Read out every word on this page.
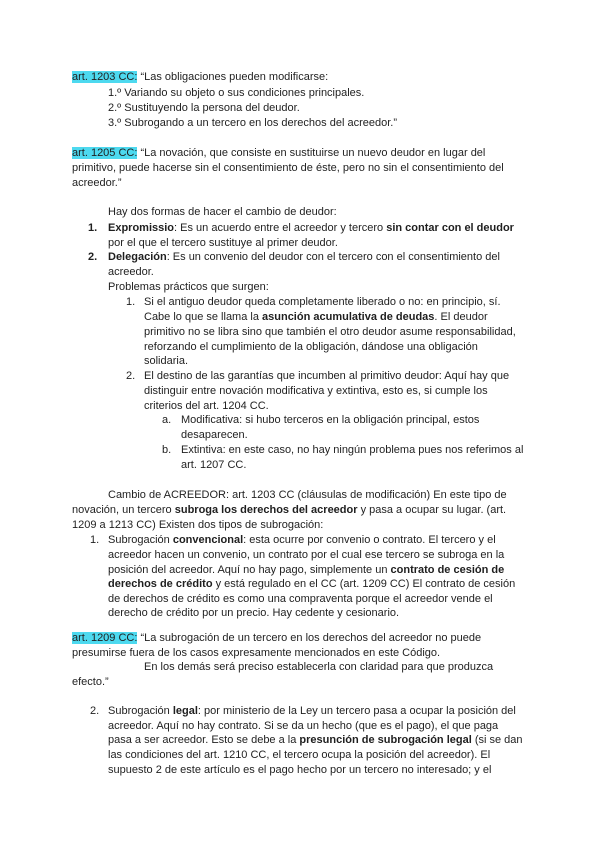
art. 1203 CC: “Las obligaciones pueden modificarse:
1.º Variando su objeto o sus condiciones principales.
2.º Sustituyendo la persona del deudor.
3.º Subrogando a un tercero en los derechos del acreedor.”
art. 1205 CC: “La novación, que consiste en sustituirse un nuevo deudor en lugar del
primitivo, puede hacerse sin el consentimiento de éste, pero no sin el consentimiento del
acreedor.”
Hay dos formas de hacer el cambio de deudor:
1. Expromissio: Es un acuerdo entre el acreedor y tercero sin contar con el deudor
por el que el tercero sustituye al primer deudor.
2. Delegación: Es un convenio del deudor con el tercero con el consentimiento del
acreedor.
Problemas prácticos que surgen:
1. Si el antiguo deudor queda completamente liberado o no: en principio, sí.
Cabe lo que se llama la asunción acumulativa de deudas. El deudor
primitivo no se libra sino que también el otro deudor asume responsabilidad,
reforzando el cumplimiento de la obligación, dándose una obligación
solidaria.
2. El destino de las garantías que incumben al primitivo deudor: Aquí hay que
distinguir entre novación modificativa y extintiva, esto es, si cumple los
criterios del art. 1204 CC.
a. Modificativa: si hubo terceros en la obligación principal, estos
desaparecen.
b. Extintiva: en este caso, no hay ningún problema pues nos referimos al
art. 1207 CC.
Cambio de ACREEDOR: art. 1203 CC (cláusulas de modificación) En este tipo de
novación, un tercero subroga los derechos del acreedor y pasa a ocupar su lugar. (art.
1209 a 1213 CC) Existen dos tipos de subrogación:
1. Subrogación convencional: esta ocurre por convenio o contrato. El tercero y el
acreedor hacen un convenio, un contrato por el cual ese tercero se subroga en la
posición del acreedor. Aquí no hay pago, simplemente un contrato de cesión de
derechos de crédito y está regulado en el CC (art. 1209 CC) El contrato de cesión
de derechos de crédito es como una compraventa porque el acreedor vende el
derecho de crédito por un precio. Hay cedente y cesionario.
art. 1209 CC: “La subrogación de un tercero en los derechos del acreedor no puede
presumirse fuera de los casos expresamente mencionados en este Código.
En los demás será preciso establecerla con claridad para que produzca
efecto.”
2. Subrogación legal: por ministerio de la Ley un tercero pasa a ocupar la posición del
acreedor. Aquí no hay contrato. Si se da un hecho (que es el pago), el que paga
pasa a ser acreedor. Esto se debe a la presunción de subrogación legal (si se dan
las condiciones del art. 1210 CC, el tercero ocupa la posición del acreedor). El
supuesto 2 de este artículo es el pago hecho por un tercero no interesado; y el
